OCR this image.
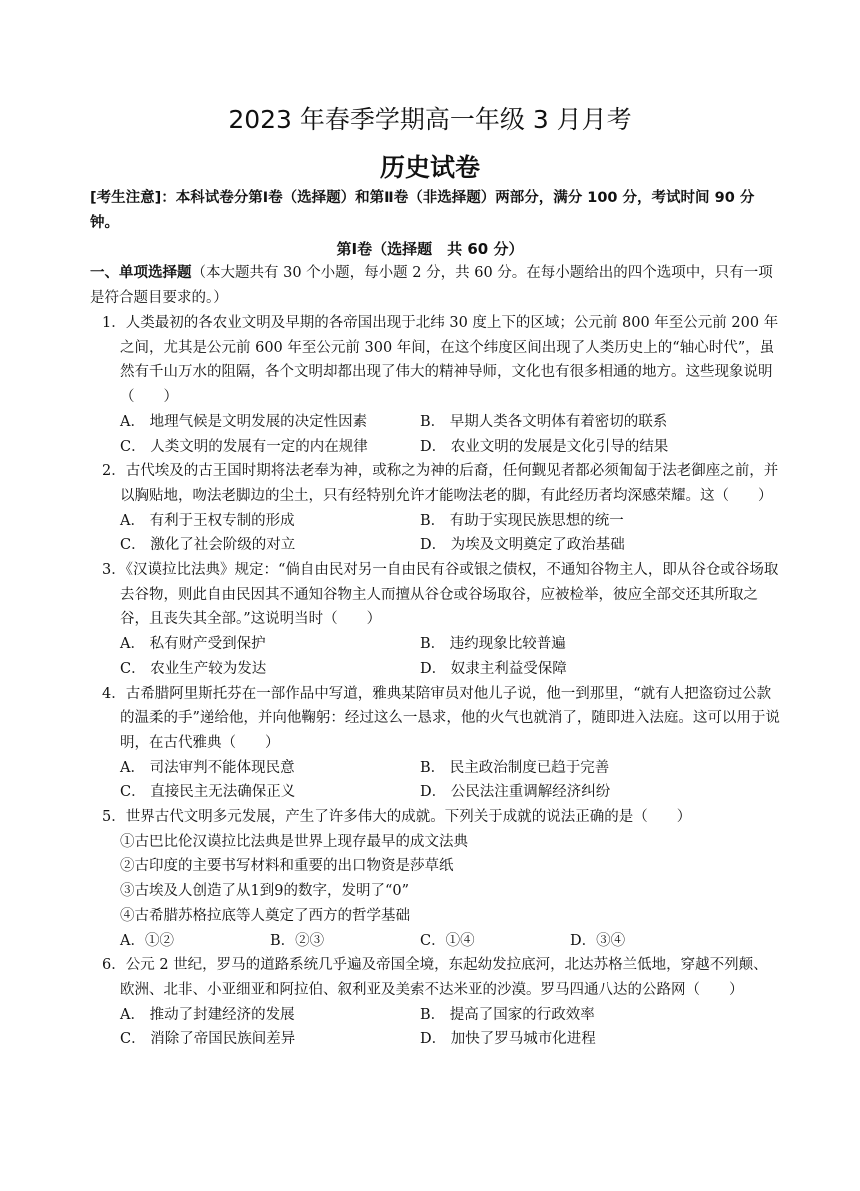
2023 年春季学期高一年级 3 月月考
历史试卷
[考生注意]：本科试卷分第Ⅰ卷（选择题）和第Ⅱ卷（非选择题）两部分，满分 100 分，考试时间 90 分钟。
第Ⅰ卷（选择题　共 60 分）
一、单项选择题（本大题共有 30 个小题，每小题 2 分，共 60 分。在每小题给出的四个选项中，只有一项是符合题目要求的。）
1．人类最初的各农业文明及早期的各帝国出现于北纬 30 度上下的区域；公元前 800 年至公元前 200 年之间，尤其是公元前 600 年至公元前 300 年间，在这个纬度区间出现了人类历史上的“轴心时代”，虽然有千山万水的阻隔，各个文明却都出现了伟大的精神导师，文化也有很多相通的地方。这些现象说明（　　）
A． 地理气候是文明发展的决定性因素	B． 早期人类各文明体有着密切的联系
C． 人类文明的发展有一定的内在规律	D． 农业文明的发展是文化引导的结果
2．古代埃及的古王国时期将法老奉为神，或称之为神的后裔，任何觐见者都必须匍匐于法老御座之前，并以胸贴地，吻法老脚边的尘土，只有经特别允许才能吻法老的脚，有此经历者均深感荣耀。这（　　）
A． 有利于王权专制的形成	B． 有助于实现民族思想的统一
C． 激化了社会阶级的对立	D． 为埃及文明奠定了政治基础
3．《汉谟拉比法典》规定：“倘自由民对另一自由民有谷或银之债权，不通知谷物主人，即从谷仓或谷场取去谷物，则此自由民因其不通知谷物主人而擅从谷仓或谷场取谷，应被检举，彼应全部交还其所取之谷，且丧失其全部。”这说明当时（　　）
A． 私有财产受到保护	B． 违约现象比较普遍
C． 农业生产较为发达	D． 奴隶主利益受保障
4．古希腊阿里斯托芬在一部作品中写道，雅典某陪审员对他儿子说，他一到那里，“就有人把盗窃过公款的温柔的手”递给他，并向他鞠躬：经过这么一恳求，他的火气也就消了，随即进入法庭。这可以用于说明，在古代雅典（　　）
A． 司法审判不能体现民意	B． 民主政治制度已趋于完善
C． 直接民主无法确保正义	D． 公民法注重调解经济纠纷
5．世界古代文明多元发展，产生了许多伟大的成就。下列关于成就的说法正确的是（　　）
①古巴比伦汉谟拉比法典是世界上现存最早的成文法典
②古印度的主要书写材料和重要的出口物资是莎草纸
③古埃及人创造了从1到9的数字，发明了“0”
④古希腊苏格拉底等人奠定了西方的哲学基础
A．①②	B．②③	C．①④	D．③④
6．公元 2 世纪，罗马的道路系统几乎遍及帝国全境，东起幼发拉底河，北达苏格兰低地，穿越不列颠、欧洲、北非、小亚细亚和阿拉伯、叙利亚及美索不达米亚的沙漠。罗马四通八达的公路网（　　）
A． 推动了封建经济的发展	B． 提高了国家的行政效率
C． 消除了帝国民族间差异	D． 加快了罗马城市化进程
